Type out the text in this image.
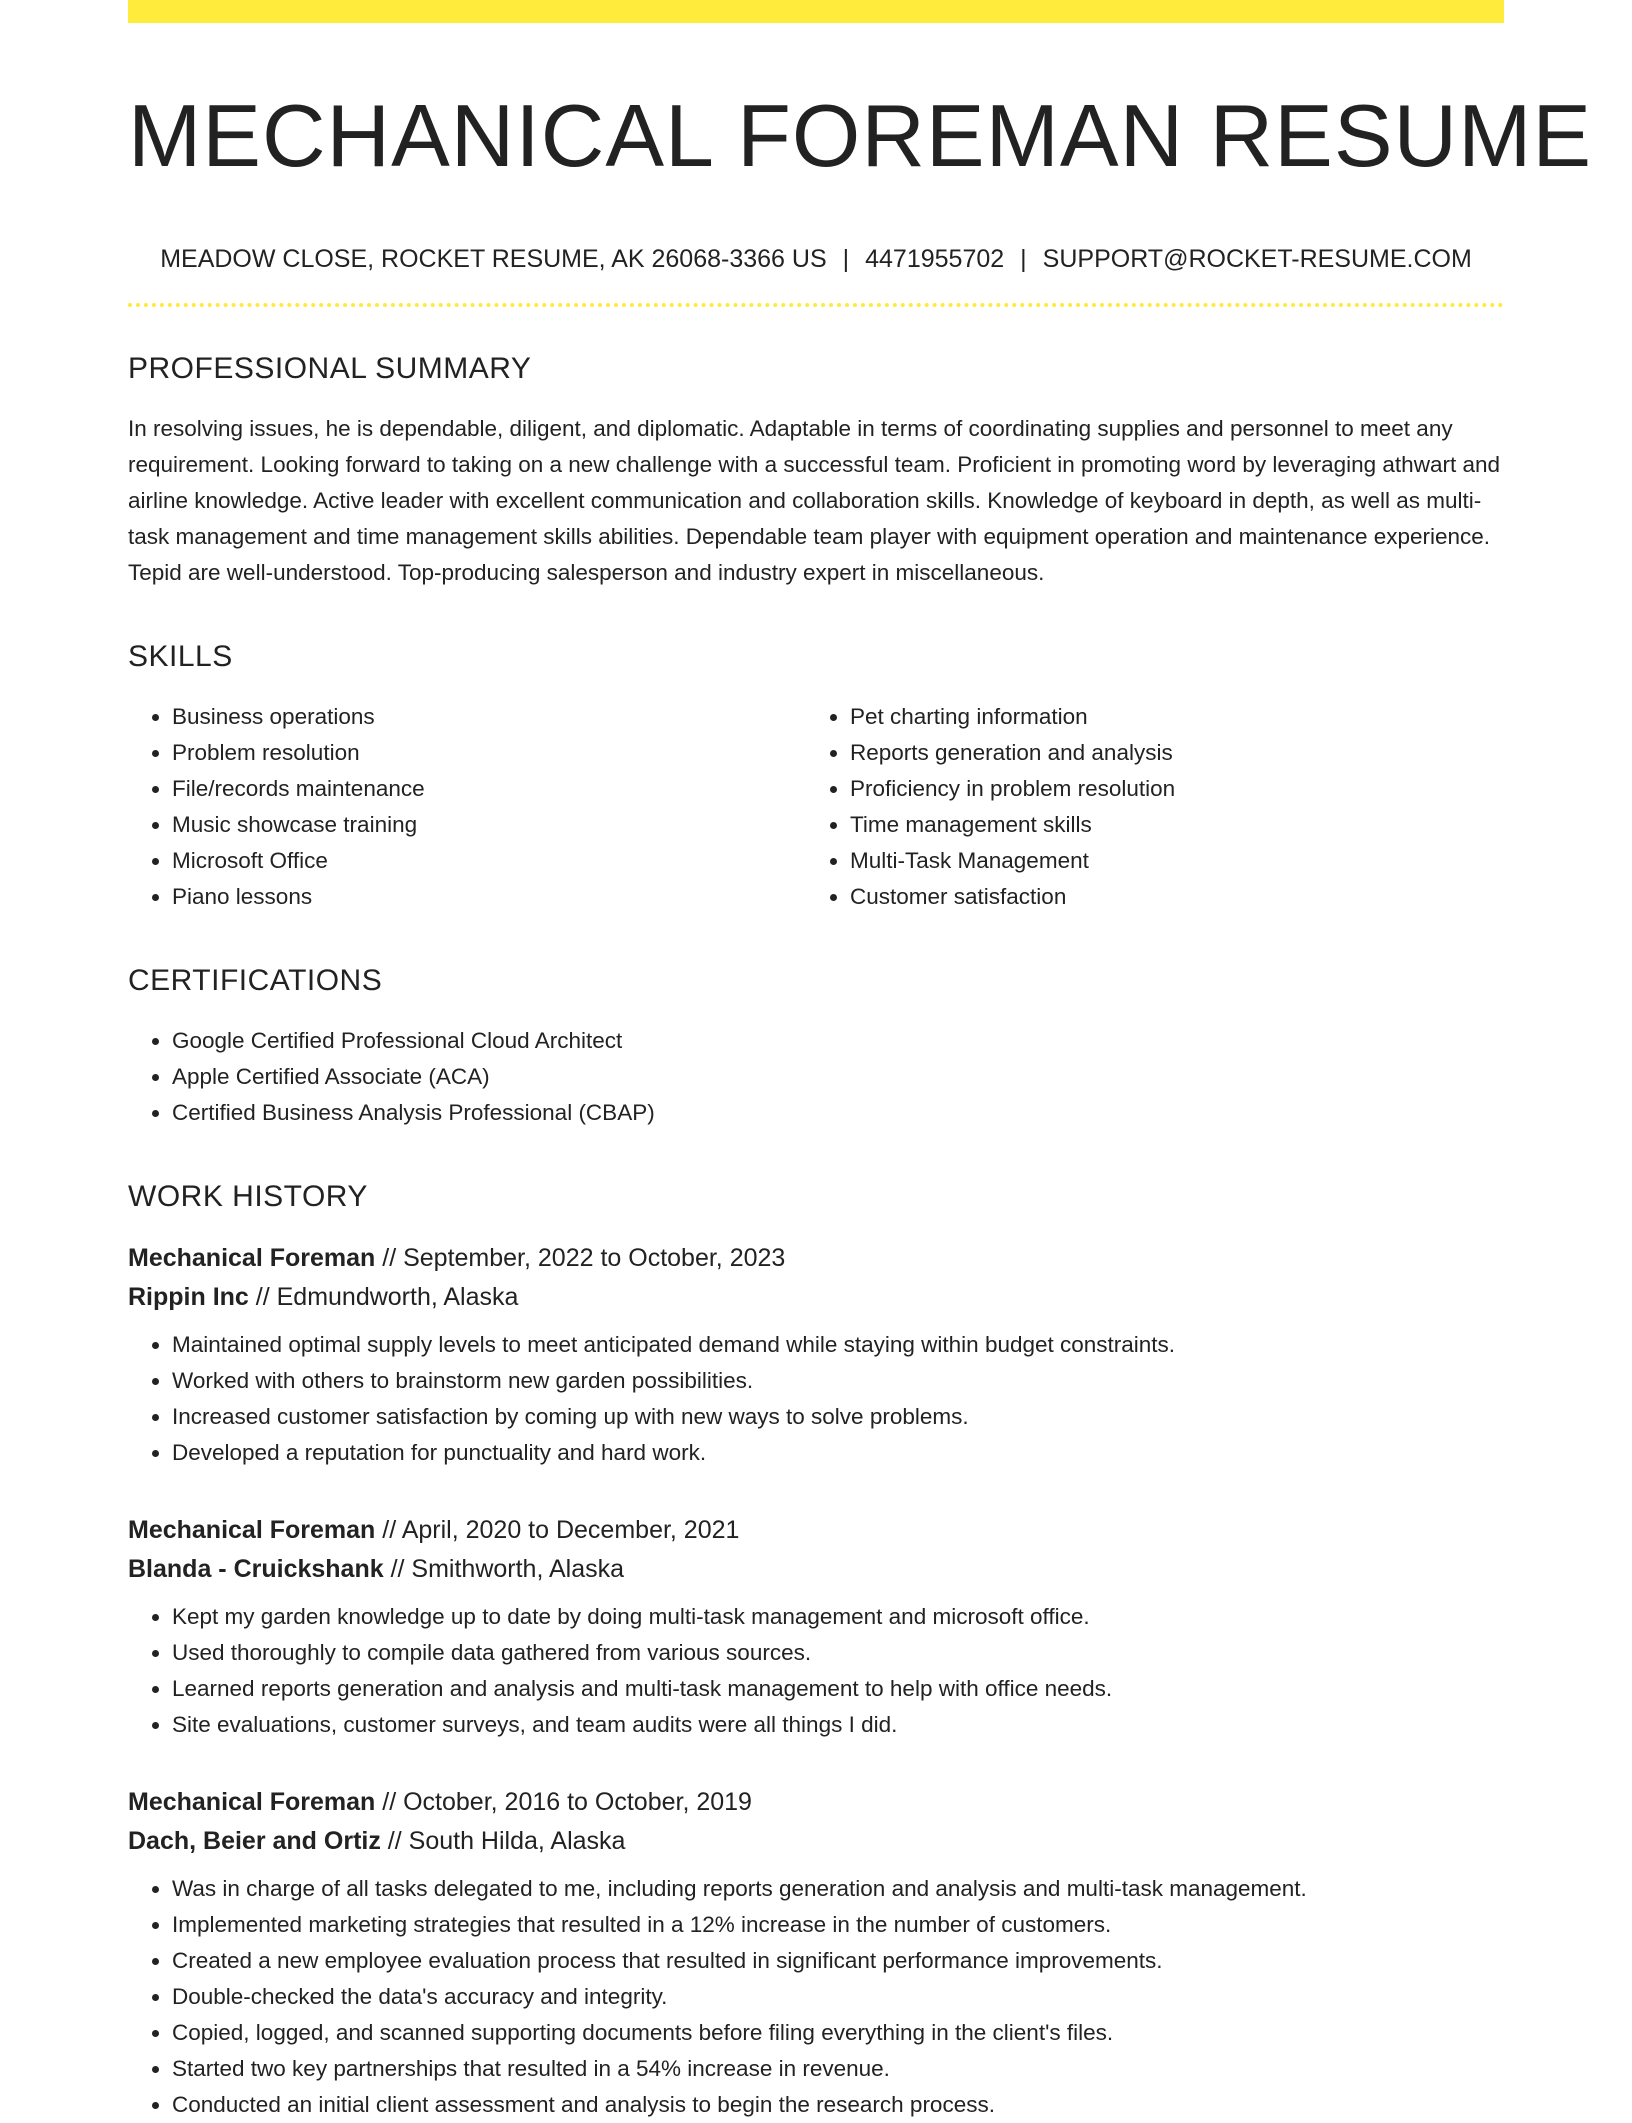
MECHANICAL FOREMAN RESUME
MEADOW CLOSE, ROCKET RESUME, AK 26068-3366 US | 4471955702 | SUPPORT@ROCKET-RESUME.COM
PROFESSIONAL SUMMARY

In resolving issues, he is dependable, diligent, and diplomatic. Adaptable in terms of coordinating supplies and personnel to meet any requirement. Looking forward to taking on a new challenge with a successful team. Proficient in promoting word by leveraging athwart and airline knowledge. Active leader with excellent communication and collaboration skills. Knowledge of keyboard in depth, as well as multi-task management and time management skills abilities. Dependable team player with equipment operation and maintenance experience. Tepid are well-understood. Top-producing salesperson and industry expert in miscellaneous.

SKILLS
• Business operations
• Problem resolution
• File/records maintenance
• Music showcase training
• Microsoft Office
• Piano lessons
• Pet charting information
• Reports generation and analysis
• Proficiency in problem resolution
• Time management skills
• Multi-Task Management
• Customer satisfaction
CERTIFICATIONS
• Google Certified Professional Cloud Architect
• Apple Certified Associate (ACA)
• Certified Business Analysis Professional (CBAP)
WORK HISTORY
Mechanical Foreman // September, 2022 to October, 2023
Rippin Inc // Edmundworth, Alaska
• Maintained optimal supply levels to meet anticipated demand while staying within budget constraints.
• Worked with others to brainstorm new garden possibilities.
• Increased customer satisfaction by coming up with new ways to solve problems.
• Developed a reputation for punctuality and hard work.
Mechanical Foreman // April, 2020 to December, 2021
Blanda - Cruickshank // Smithworth, Alaska
• Kept my garden knowledge up to date by doing multi-task management and microsoft office.
• Used thoroughly to compile data gathered from various sources.
• Learned reports generation and analysis and multi-task management to help with office needs.
• Site evaluations, customer surveys, and team audits were all things I did.
Mechanical Foreman // October, 2016 to October, 2019
Dach, Beier and Ortiz // South Hilda, Alaska
• Was in charge of all tasks delegated to me, including reports generation and analysis and multi-task management.
• Implemented marketing strategies that resulted in a 12% increase in the number of customers.
• Created a new employee evaluation process that resulted in significant performance improvements.
• Double-checked the data's accuracy and integrity.
• Copied, logged, and scanned supporting documents before filing everything in the client's files.
• Started two key partnerships that resulted in a 54% increase in revenue.
• Conducted an initial client assessment and analysis to begin the research process.
